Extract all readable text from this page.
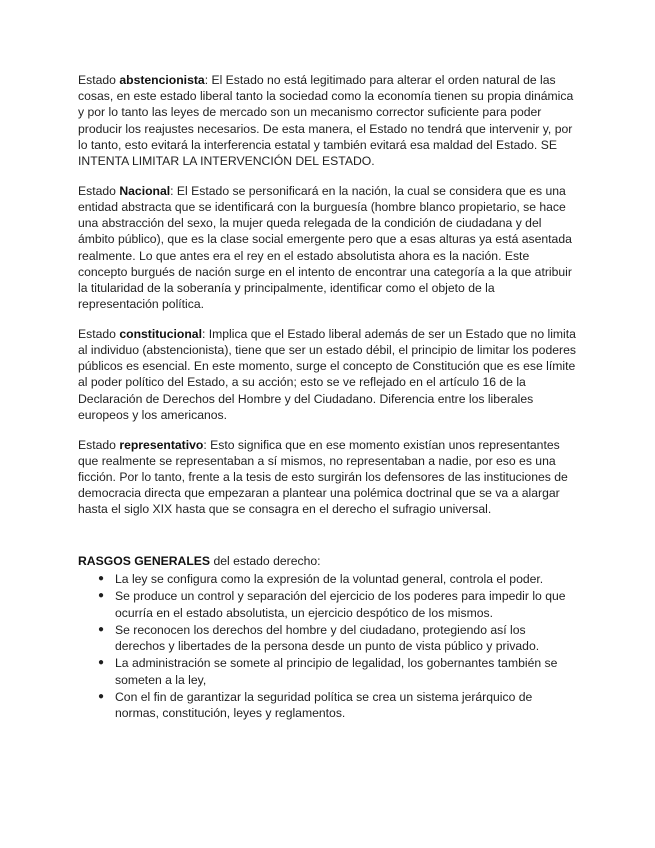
Estado abstencionista: El Estado no está legitimado para alterar el orden natural de las cosas, en este estado liberal tanto la sociedad como la economía tienen su propia dinámica y por lo tanto las leyes de mercado son un mecanismo corrector suficiente para poder producir los reajustes necesarios. De esta manera, el Estado no tendrá que intervenir y, por lo tanto, esto evitará la interferencia estatal y también evitará esa maldad del Estado. SE INTENTA LIMITAR LA INTERVENCIÓN DEL ESTADO.

Estado Nacional: El Estado se personificará en la nación, la cual se considera que es una entidad abstracta que se identificará con la burguesía (hombre blanco propietario, se hace una abstracción del sexo, la mujer queda relegada de la condición de ciudadana y del ámbito público), que es la clase social emergente pero que a esas alturas ya está asentada realmente. Lo que antes era el rey en el estado absolutista ahora es la nación. Este concepto burgués de nación surge en el intento de encontrar una categoría a la que atribuir la titularidad de la soberanía y principalmente, identificar como el objeto de la representación política.

Estado constitucional: Implica que el Estado liberal además de ser un Estado que no limita al individuo (abstencionista), tiene que ser un estado débil, el principio de limitar los poderes públicos es esencial. En este momento, surge el concepto de Constitución que es ese límite al poder político del Estado, a su acción; esto se ve reflejado en el artículo 16 de la Declaración de Derechos del Hombre y del Ciudadano. Diferencia entre los liberales europeos y los americanos.

Estado representativo: Esto significa que en ese momento existían unos representantes que realmente se representaban a sí mismos, no representaban a nadie, por eso es una ficción. Por lo tanto, frente a la tesis de esto surgirán los defensores de las instituciones de democracia directa que empezaran a plantear una polémica doctrinal que se va a alargar hasta el siglo XIX hasta que se consagra en el derecho el sufragio universal.

RASGOS GENERALES del estado derecho:
● La ley se configura como la expresión de la voluntad general, controla el poder.
● Se produce un control y separación del ejercicio de los poderes para impedir lo que ocurría en el estado absolutista, un ejercicio despótico de los mismos.
● Se reconocen los derechos del hombre y del ciudadano, protegiendo así los derechos y libertades de la persona desde un punto de vista público y privado.
● La administración se somete al principio de legalidad, los gobernantes también se someten a la ley,
● Con el fin de garantizar la seguridad política se crea un sistema jerárquico de normas, constitución, leyes y reglamentos.
